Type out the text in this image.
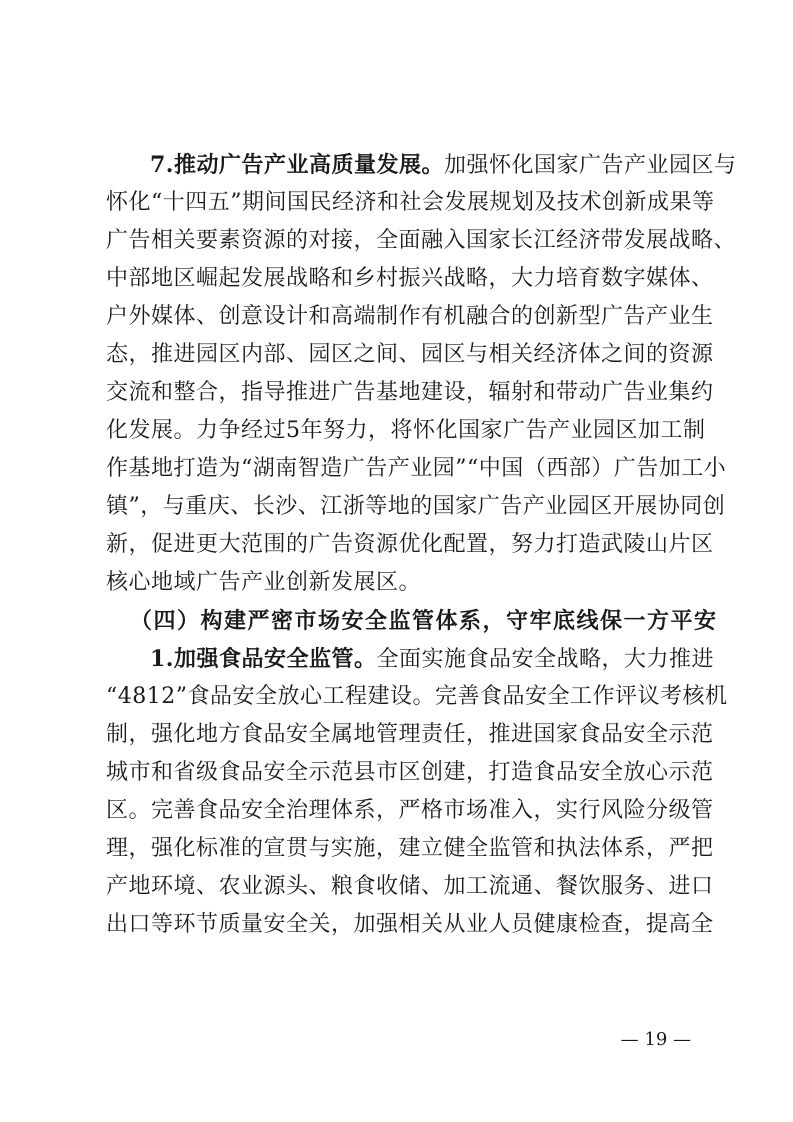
7.推动广告产业高质量发展。加强怀化国家广告产业园区与
怀化“十四五”期间国民经济和社会发展规划及技术创新成果等
广告相关要素资源的对接，全面融入国家长江经济带发展战略、
中部地区崛起发展战略和乡村振兴战略，大力培育数字媒体、
户外媒体、创意设计和高端制作有机融合的创新型广告产业生
态，推进园区内部、园区之间、园区与相关经济体之间的资源
交流和整合，指导推进广告基地建设，辐射和带动广告业集约
化发展。力争经过5年努力，将怀化国家广告产业园区加工制
作基地打造为“湖南智造广告产业园”“中国（西部）广告加工小
镇”，与重庆、长沙、江浙等地的国家广告产业园区开展协同创
新，促进更大范围的广告资源优化配置，努力打造武陵山片区
核心地域广告产业创新发展区。
（四）构建严密市场安全监管体系，守牢底线保一方平安
1.加强食品安全监管。全面实施食品安全战略，大力推进
“4812”食品安全放心工程建设。完善食品安全工作评议考核机
制，强化地方食品安全属地管理责任，推进国家食品安全示范
城市和省级食品安全示范县市区创建，打造食品安全放心示范
区。完善食品安全治理体系，严格市场准入，实行风险分级管
理，强化标准的宣贯与实施，建立健全监管和执法体系，严把
产地环境、农业源头、粮食收储、加工流通、餐饮服务、进口
出口等环节质量安全关，加强相关从业人员健康检查，提高全
— 19 —
